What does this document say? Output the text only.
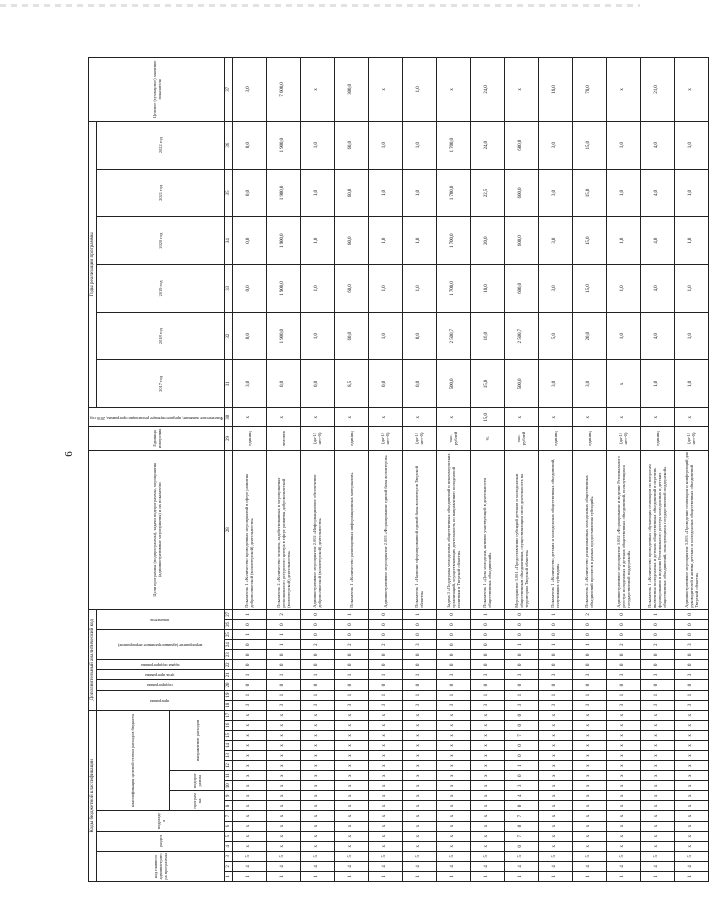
6
Коды бюджетной классификации																	Дополнительный аналитический код										Цели программы (подпрограммы), задачи подпрограммы, мероприятия (административные мероприятия) и их показатели	Единица измерения	Фактическое значение, предшествующее реализации программы, 2016 год	Годы реализации программы						Целевое (суммарное) значение показателя
код главного администратора программы			раздел		подраздел		классификация целевой статьи расходов бюджета										программа		подпрограмма	цель программы	задача подпрограммы	мероприятие (административное мероприятие)			показатель					2017 год	2018 год	2019 год	2020 год	2021 год	2022 год	
							программа		подпрограмма		направление расходов																									
1	2	3	4	5	6	7	8	9	10	11	12	13	14	15	16	17	18	19	20	21	22	23	24	25	26	27	28	29	30	31	32	33	34	35	36	37
1	4	5	x	x	x	x	x	x	x	x	x	x	x	x	x	x	3	1	0	1	0	0	0	1	0	1	Показатель 1 «Количество проведенных мероприятий в сфере развития добровольческой (волонтерской) деятельности»	единиц	x	3,0	0,0	0,0	0,0	0,0	0,0	3,0
1	4	5	x	x	x	x	x	x	x	x	x	x	x	x	x	x	3	1	0	1	0	0	1	1	0	2	Показатель 2 «Количество человек, задействованных в мероприятиях регионального ресурсного центра в сфере развития добровольческой (волонтерской) деятельности»	человек	x	0,0	1 900,0	1 900,0	1 900,0	1 900,0	1 900,0	7 600,0
1	4	5	x	x	x	x	x	x	x	x	x	x	x	x	x	x	3	1	0	1	0	0	2	0	0	0	Административное мероприятие 2.002 «Информационное обеспечение добровольческой (волонтерской) деятельности»	(да-1/нет-0)	x	0,0	1,0	1,0	1,0	1,0	1,0	x
1	4	5	x	x	x	x	x	x	x	x	x	x	x	x	x	x	3	1	0	1	0	0	2	0	0	1	Показатель 1 «Количество размещенных информационных материалов»	единиц	x	8,5	60,0	60,0	80,0	60,0	60,0	300,0
1	4	5	x	x	x	x	x	x	x	x	x	x	x	x	x	x	3	1	0	1	0	0	2	0	0	0	Административное мероприятие 2.003 «Формирование единой базы волонтеров»	(да-1/нет-0)	x	0,0	1,0	1,0	1,0	1,0	1,0	x
1	4	5	x	x	x	x	x	x	x	x	x	x	x	x	x	x	3	1	0	1	0	0	3	0	0	1	Показатель 1 «Наличие сформированной единой базы волонтеров Тверской области»	(да-1/нет-0)	x	0,0	0,0	1,0	1,0	1,0	1,0	1,0
1	4	5	x	x	x	x	x	x	x	x	x	x	x	x	x	x	3	1	0	3	0	0	0	0	0	0	Задача 3 «Поддержка молодежных общественных объединений и некоммерческих организаций, осуществляющих деятельность по направлению молодежной политики в Тверской области»	тыс. рублей	x	500,0	2 500,7	1 700,0	1 700,0	1 700,0	1 700,0	x
1	4	5	x	x	x	x	x	x	x	x	x	x	x	x	x	x	3	1	0	3	0	0	0	0	0	1	Показатель 1 «Доля молодежи, активно участвующей в деятельности общественных объединений»	%	15,0	15,0	16,0	18,0	20,0	22,5	24,0	24,0
1	4	5	0	7	0	7	0	4	3	0	1	0	0	7	0	0	3	1	0	3	0	0	1	0	0	0	Мероприятие 3.001 «Предоставление субсидий детским и молодежным общественным объединениям, осуществляющим свою деятельность на территории Тверской области»	тыс. рублей	x	500,0	2 500,7	600,0	600,0	600,0	600,0	x
1	4	5	x	x	x	x	x	x	x	x	x	x	x	x	x	x	3	1	0	3	0	0	1	0	0	1	Показатель 1 «Количество детских и молодежных общественных объединений, получивших субсидии»	единиц	x	3,0	5,0	3,0	3,0	3,0	3,0	18,0
1	4	5	x	x	x	x	x	x	x	x	x	x	x	x	x	x	3	1	0	3	0	0	1	0	0	2	Показатель 2 «Количество реализованных молодежных общественных объединений проектов в рамках предоставления субсидий»	единиц	x	3,0	20,0	15,0	15,0	15,0	15,0	78,0
1	4	5	x	x	x	x	x	x	x	x	x	x	x	x	x	x	3	1	0	3	0	0	2	0	0	0	Административное мероприятие 3.002 «Формирование и ведение Регионального реестра молодежных и детских общественных объединений, пользующихся государственной поддержкой»	(да-1/нет-0)	x	x	1,0	1,0	1,0	1,0	1,0	x
1	4	5	x	x	x	x	x	x	x	x	x	x	x	x	x	x	3	1	0	3	0	0	2	0	0	1	Показатель 1 «Количество проведенных обучающих семинаров по вопросам включения молодежных и детских общественных объединений в перечень формирования и ведения Регионального реестра молодежных и детских общественных объединений, пользующихся государственной поддержкой»	единиц	x	1,0	4,0	4,0	4,0	4,0	4,0	21,0
1	4	5	x	x	x	x	x	x	x	x	x	x	x	x	x	x	3	1	0	3	0	0	3	0	0	0	Административное мероприятие 3.003 «Проведение семинаров и конференций для руководителей и актива детских и молодежных общественных объединений Тверской области»	(да-1/нет-0)	x	1,0	1,0	1,0	1,0	1,0	1,0	x
